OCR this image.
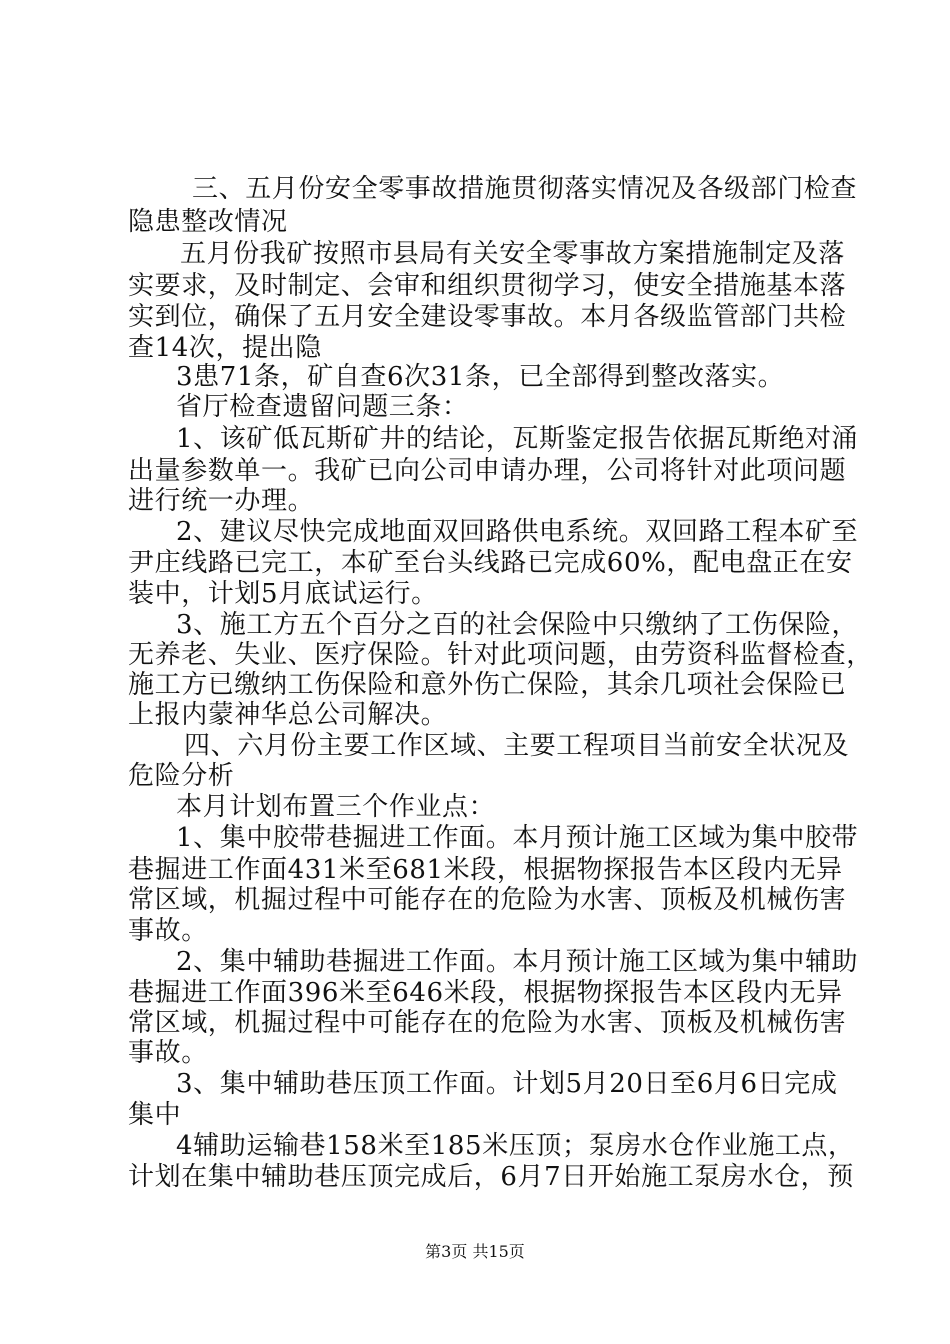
三、五月份安全零事故措施贯彻落实情况及各级部门检查
隐患整改情况
五月份我矿按照市县局有关安全零事故方案措施制定及落
实要求，及时制定、会审和组织贯彻学习，使安全措施基本落
实到位，确保了五月安全建设零事故。本月各级监管部门共检
查14次，提出隐
3患71条，矿自查6次31条，已全部得到整改落实。
省厅检查遗留问题三条：
1、该矿低瓦斯矿井的结论，瓦斯鉴定报告依据瓦斯绝对涌
出量参数单一。我矿已向公司申请办理，公司将针对此项问题
进行统一办理。
2、建议尽快完成地面双回路供电系统。双回路工程本矿至
尹庄线路已完工，本矿至台头线路已完成60%，配电盘正在安
装中，计划5月底试运行。
3、施工方五个百分之百的社会保险中只缴纳了工伤保险，
无养老、失业、医疗保险。针对此项问题，由劳资科监督检查，
施工方已缴纳工伤保险和意外伤亡保险，其余几项社会保险已
上报内蒙神华总公司解决。
四、六月份主要工作区域、主要工程项目当前安全状况及
危险分析
本月计划布置三个作业点：
1、集中胶带巷掘进工作面。本月预计施工区域为集中胶带
巷掘进工作面431米至681米段，根据物探报告本区段内无异
常区域，机掘过程中可能存在的危险为水害、顶板及机械伤害
事故。
2、集中辅助巷掘进工作面。本月预计施工区域为集中辅助
巷掘进工作面396米至646米段，根据物探报告本区段内无异
常区域，机掘过程中可能存在的危险为水害、顶板及机械伤害
事故。
3、集中辅助巷压顶工作面。计划5月20日至6月6日完成
集中
4辅助运输巷158米至185米压顶；泵房水仓作业施工点，
计划在集中辅助巷压顶完成后，6月7日开始施工泵房水仓，预
第3页 共15页
